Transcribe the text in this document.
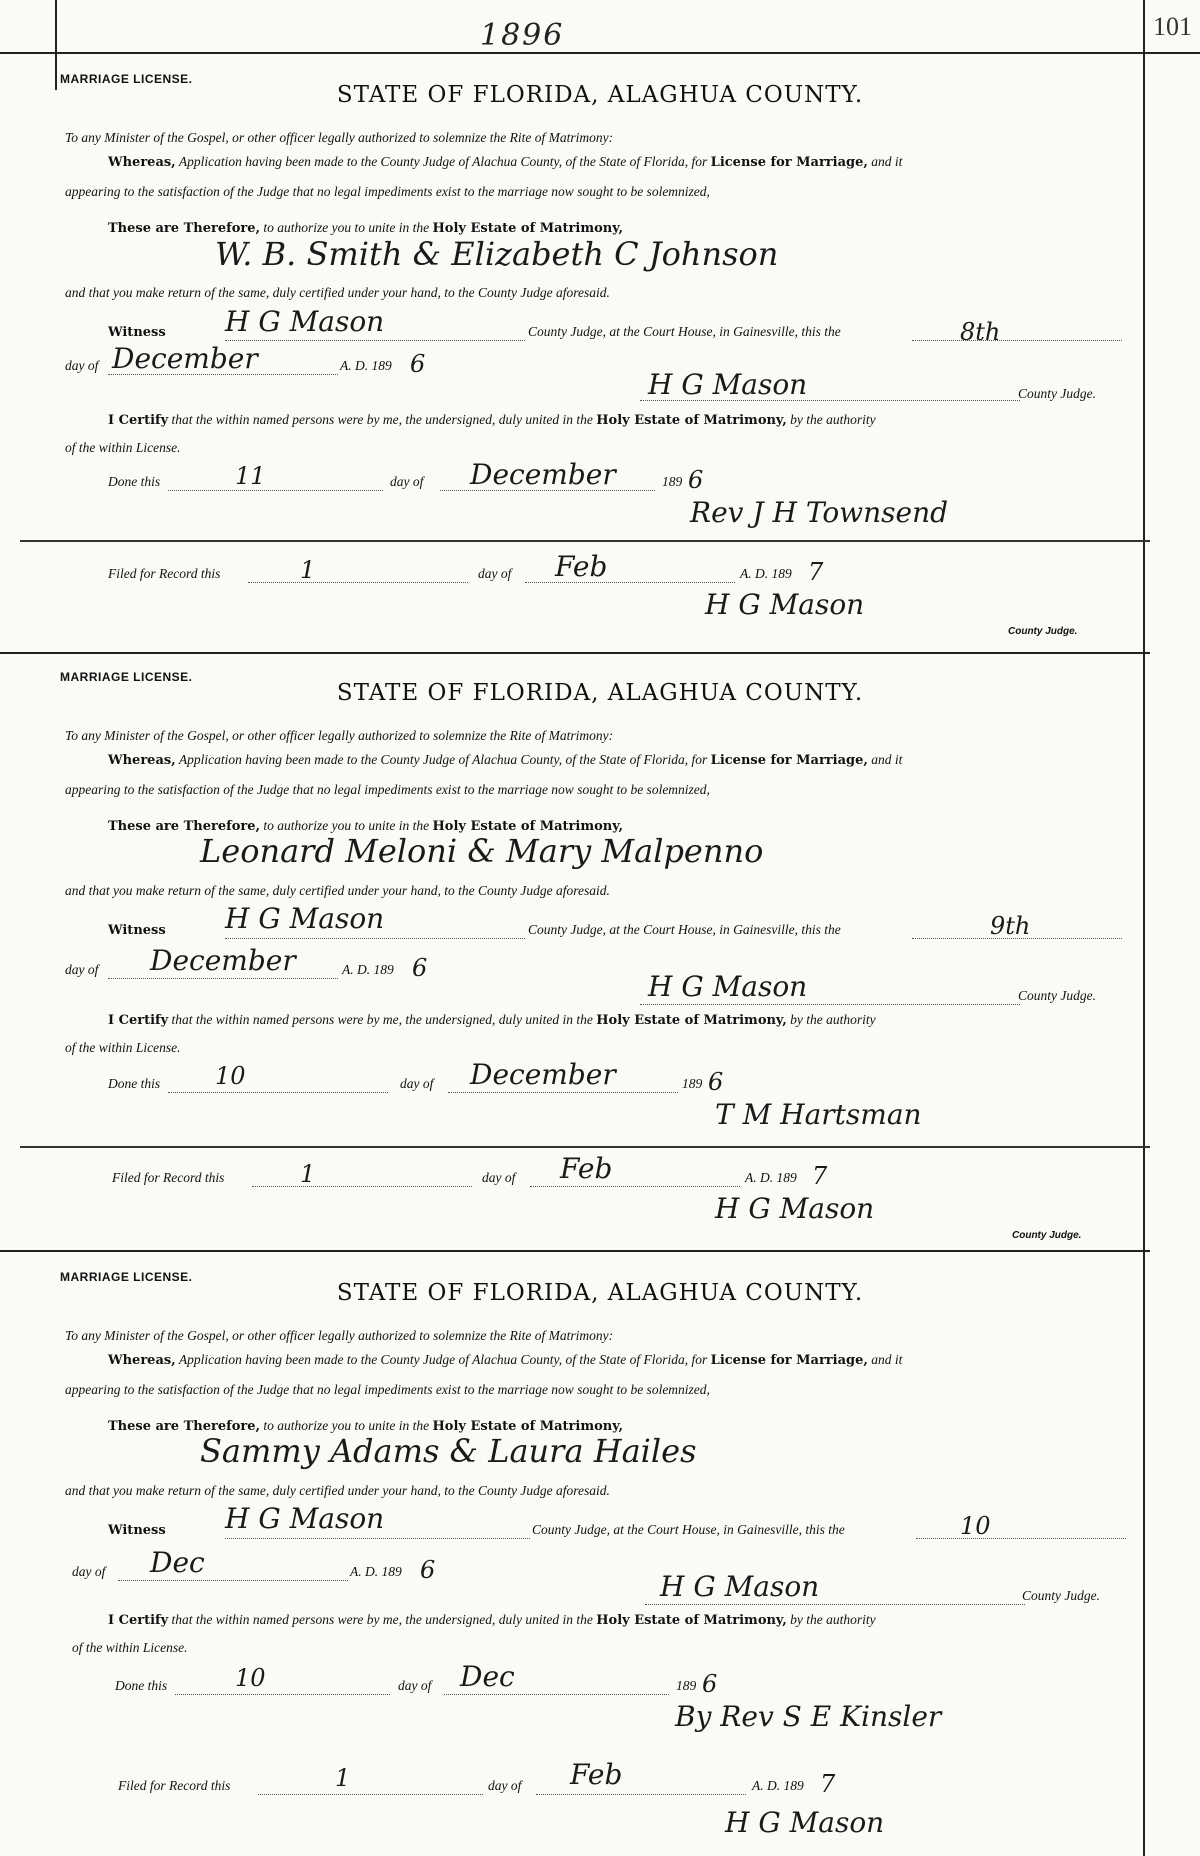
1896	101
MARRIAGE LICENSE.
STATE OF FLORIDA, ALAGHUA COUNTY.
To any Minister of the Gospel, or other officer legally authorized to solemnize the Rite of Matrimony:
Whereas, Application having been made to the County Judge of Alachua County, of the State of Florida, for License for Marriage, and it
appearing to the satisfaction of the Judge that no legal impediments exist to the marriage now sought to be solemnized,
These are Therefore, to authorize you to unite in the Holy Estate of Matrimony,
W. B. Smith & Elizabeth C Johnson
and that you make return of the same, duly certified under your hand, to the County Judge aforesaid.
Witness H G Mason	County Judge, at the Court House, in Gainesville, this the	8th
day of December	A. D. 189 6
H G Mason	County Judge.
I Certify that the within named persons were by me, the undersigned, duly united in the Holy Estate of Matrimony, by the authority
of the within License.
Done this	11	day of December	189 6
Rev J H Townsend
Filed for Record this	1	day of Feb	A. D. 189 7
H G Mason
County Judge.
MARRIAGE LICENSE.
STATE OF FLORIDA, ALAGHUA COUNTY.
To any Minister of the Gospel, or other officer legally authorized to solemnize the Rite of Matrimony:
Whereas, Application having been made to the County Judge of Alachua County, of the State of Florida, for License for Marriage, and it
appearing to the satisfaction of the Judge that no legal impediments exist to the marriage now sought to be solemnized,
These are Therefore, to authorize you to unite in the Holy Estate of Matrimony,
Leonard Meloni & Mary Malpenno
and that you make return of the same, duly certified under your hand, to the County Judge aforesaid.
Witness H G Mason	County Judge, at the Court House, in Gainesville, this the	9th
day of December	A. D. 189 6
H G Mason	County Judge.
I Certify that the within named persons were by me, the undersigned, duly united in the Holy Estate of Matrimony, by the authority
of the within License.
Done this 10	day of December	189 6
T M Hartsman
Filed for Record this	1	day of Feb	A. D. 189 7
H G Mason
County Judge.
MARRIAGE LICENSE.
STATE OF FLORIDA, ALAGHUA COUNTY.
To any Minister of the Gospel, or other officer legally authorized to solemnize the Rite of Matrimony:
Whereas, Application having been made to the County Judge of Alachua County, of the State of Florida, for License for Marriage, and it
appearing to the satisfaction of the Judge that no legal impediments exist to the marriage now sought to be solemnized,
These are Therefore, to authorize you to unite in the Holy Estate of Matrimony,
Sammy Adams & Laura Hailes
and that you make return of the same, duly certified under your hand, to the County Judge aforesaid.
Witness H G Mason	County Judge, at the Court House, in Gainesville, this the	10
day of Dec	A. D. 189 6	H G Mason	County Judge.
I Certify that the within named persons were by me, the undersigned, duly united in the Holy Estate of Matrimony, by the authority
of the within License.
Done this	10	day of Dec	189 6
By Rev S E Kinsler
Filed for Record this	1	day of Feb	A. D. 189 7
H G Mason
